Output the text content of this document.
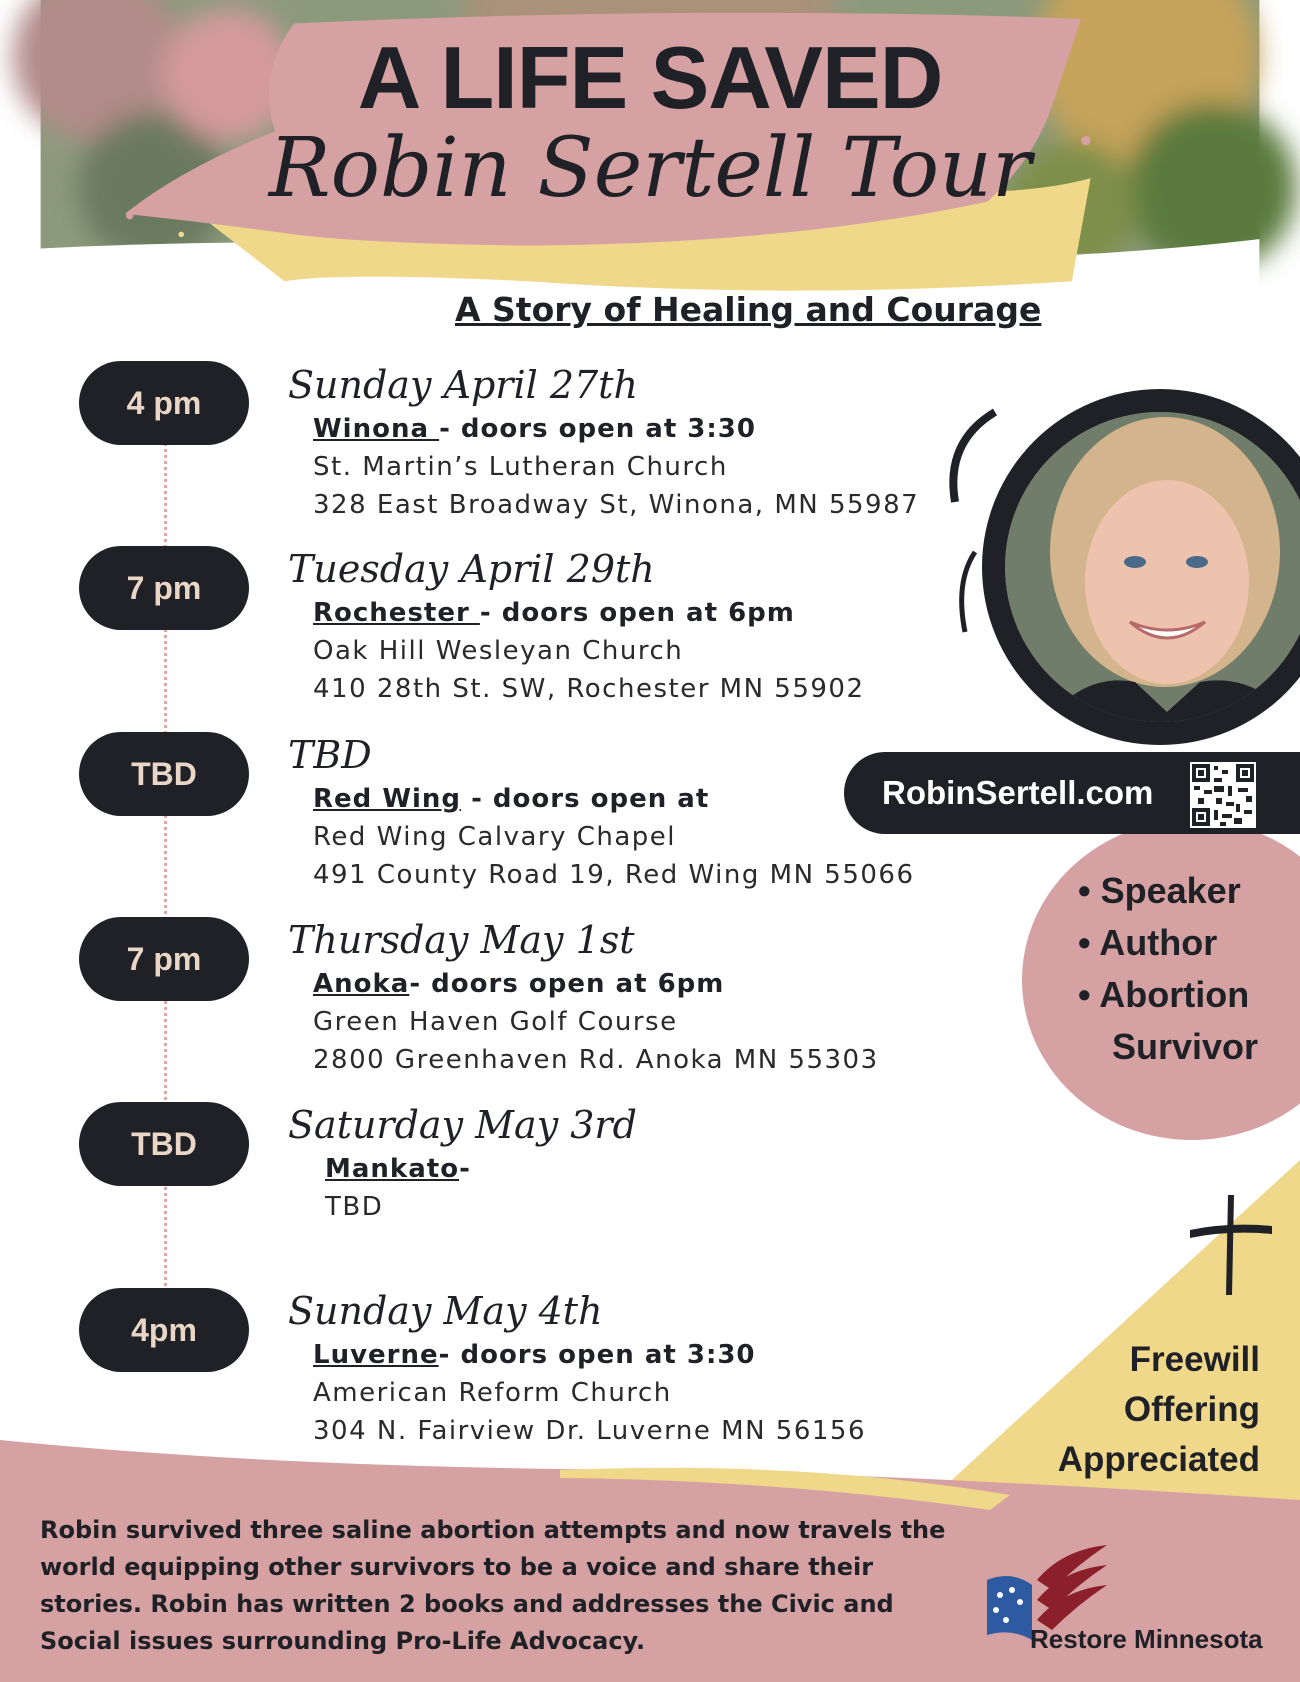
A LIFE SAVED
Robin Sertell Tour
A Story of Healing and Courage
4 pm
7 pm
TBD
7 pm
TBD
4pm
Sunday April 27th
Winona - doors open at 3:30
St. Martin’s Lutheran Church
328 East Broadway St, Winona, MN 55987
Tuesday April 29th
Rochester - doors open at 6pm
Oak Hill Wesleyan Church
410 28th St. SW, Rochester MN 55902
TBD
Red Wing - doors open at
Red Wing Calvary Chapel
491 County Road 19, Red Wing MN 55066
Thursday May 1st
Anoka- doors open at 6pm
Green Haven Golf Course
2800 Greenhaven Rd. Anoka MN 55303
Saturday May 3rd
Mankato-
TBD
Sunday May 4th
Luverne- doors open at 3:30
American Reform Church
304 N. Fairview Dr. Luverne MN 56156
• Speaker
• Author
• Abortion
Survivor
RobinSertell.com
Freewill
Offering
Appreciated
Robin survived three saline abortion attempts and now travels the world equipping other survivors to be a voice and share their stories. Robin has written 2 books and addresses the Civic and Social issues surrounding Pro-Life Advocacy.	Restore Minnesota
